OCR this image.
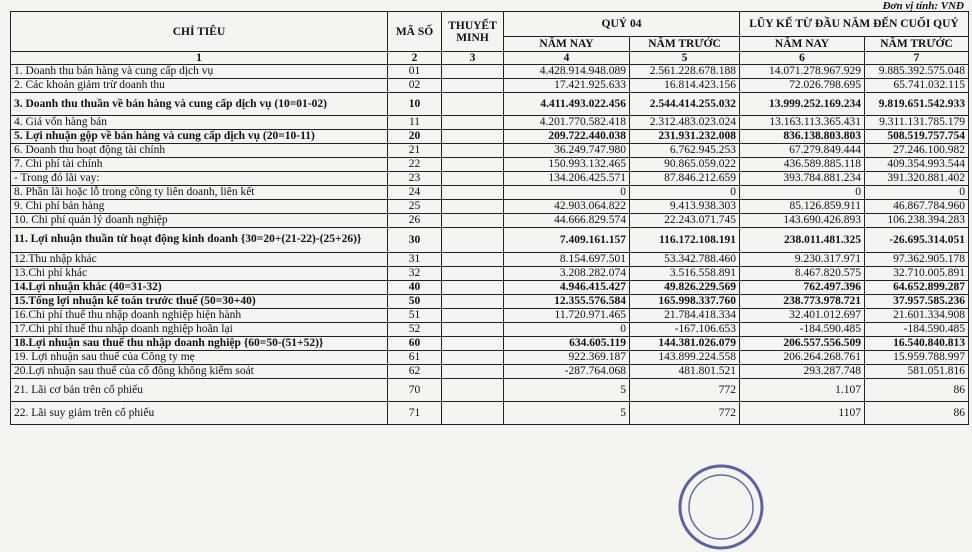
Đơn vị tính: VNĐ
CHỈ TIÊU	MÃ SỐ	THUYẾT MINH	QUÝ 04		LŨY KẾ TỪ ĐẦU NĂM ĐẾN CUỐI QUÝ	
			NĂM NAY	NĂM TRƯỚC	NĂM NAY	NĂM TRƯỚC
1	2	3	4	5	6	7
1. Doanh thu bán hàng và cung cấp dịch vụ	01		4.428.914.948.089	2.561.228.678.188	14.071.278.967.929	9.885.392.575.048
2. Các khoản giảm trừ doanh thu	02		17.421.925.633	16.814.423.156	72.026.798.695	65.741.032.115
3. Doanh thu thuần về bán hàng và cung cấp dịch vụ (10=01-02)	10		4.411.493.022.456	2.544.414.255.032	13.999.252.169.234	9.819.651.542.933
4. Giá vốn hàng bán	11		4.201.770.582.418	2.312.483.023.024	13.163.113.365.431	9.311.131.785.179
5. Lợi nhuận gộp về bán hàng và cung cấp dịch vụ (20=10-11)	20		209.722.440.038	231.931.232.008	836.138.803.803	508.519.757.754
6. Doanh thu hoạt động tài chính	21		36.249.747.980	6.762.945.253	67.279.849.444	27.246.100.982
7. Chi phí tài chính	22		150.993.132.465	90.865.059.022	436.589.885.118	409.354.993.544
- Trong đó lãi vay:	23		134.206.425.571	87.846.212.659	393.784.881.234	391.320.881.402
8. Phần lãi hoặc lỗ trong công ty liên doanh, liên kết	24		0	0	0	0
9. Chi phí bán hàng	25		42.903.064.822	9.413.938.303	85.126.859.911	46.867.784.960
10. Chi phí quản lý doanh nghiệp	26		44.666.829.574	22.243.071.745	143.690.426.893	106.238.394.283
11. Lợi nhuận thuần từ hoạt động kinh doanh {30=20+(21-22)-(25+26)}	30		7.409.161.157	116.172.108.191	238.011.481.325	-26.695.314.051
12.Thu nhập khác	31		8.154.697.501	53.342.788.460	9.230.317.971	97.362.905.178
13.Chi phí khác	32		3.208.282.074	3.516.558.891	8.467.820.575	32.710.005.891
14.Lợi nhuận khác (40=31-32)	40		4.946.415.427	49.826.229.569	762.497.396	64.652.899.287
15.Tổng lợi nhuận kế toán trước thuế (50=30+40)	50		12.355.576.584	165.998.337.760	238.773.978.721	37.957.585.236
16.Chi phí thuế thu nhập doanh nghiệp hiện hành	51		11.720.971.465	21.784.418.334	32.401.012.697	21.601.334.908
17.Chi phí thuế thu nhập doanh nghiệp hoãn lại	52		0	-167.106.653	-184.590.485	-184.590.485
18.Lợi nhuận sau thuế thu nhập doanh nghiệp {60=50-(51+52)}	60		634.605.119	144.381.026.079	206.557.556.509	16.540.840.813
19. Lợi nhuận sau thuế của Công ty mẹ	61		922.369.187	143.899.224.558	206.264.268.761	15.959.788.997
20.Lợi nhuận sau thuế của cổ đông không kiểm soát	62		-287.764.068	481.801.521	293.287.748	581.051.816
21. Lãi cơ bản trên cổ phiếu	70		5	772	1.107	86
22. Lãi suy giảm trên cổ phiếu	71		5	772	1107	86
